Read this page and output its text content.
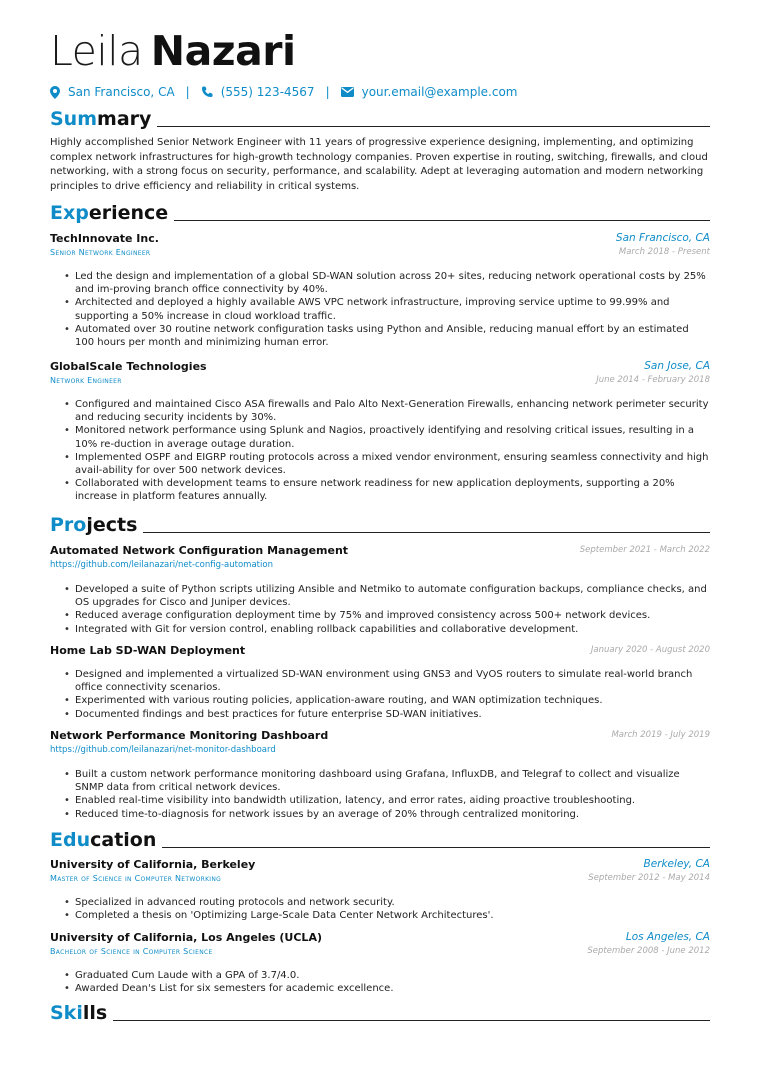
Leila Nazari
San Francisco, CA |	(555) 123-4567 |	your.email@example.com
Summary
Highly accomplished Senior Network Engineer with 11 years of progressive experience designing, implementing, and optimizing complex network infrastructures for high-growth technology companies. Proven expertise in routing, switching, firewalls, and cloud networking, with a strong focus on security, performance, and scalability. Adept at leveraging automation and modern networking principles to drive efficiency and reliability in critical systems.
Experience
TechInnovate Inc.	San Francisco, CA
Senior Network Engineer	March 2018 - Present
• Led the design and implementation of a global SD-WAN solution across 20+ sites, reducing network operational costs by 25% and im-proving branch office connectivity by 40%.
• Architected and deployed a highly available AWS VPC network infrastructure, improving service uptime to 99.99% and supporting a 50% increase in cloud workload traffic.
• Automated over 30 routine network configuration tasks using Python and Ansible, reducing manual effort by an estimated 100 hours per month and minimizing human error.
GlobalScale Technologies	San Jose, CA
Network Engineer	June 2014 - February 2018
• Configured and maintained Cisco ASA firewalls and Palo Alto Next-Generation Firewalls, enhancing network perimeter security and reducing security incidents by 30%.
• Monitored network performance using Splunk and Nagios, proactively identifying and resolving critical issues, resulting in a 10% re-duction in average outage duration.
• Implemented OSPF and EIGRP routing protocols across a mixed vendor environment, ensuring seamless connectivity and high avail-ability for over 500 network devices.
• Collaborated with development teams to ensure network readiness for new application deployments, supporting a 20% increase in platform features annually.
Projects
Automated Network Configuration Management	September 2021 - March 2022
https://github.com/leilanazari/net-config-automation
• Developed a suite of Python scripts utilizing Ansible and Netmiko to automate configuration backups, compliance checks, and OS upgrades for Cisco and Juniper devices.
• Reduced average configuration deployment time by 75% and improved consistency across 500+ network devices.
• Integrated with Git for version control, enabling rollback capabilities and collaborative development.
Home Lab SD-WAN Deployment	January 2020 - August 2020
• Designed and implemented a virtualized SD-WAN environment using GNS3 and VyOS routers to simulate real-world branch office connectivity scenarios.
• Experimented with various routing policies, application-aware routing, and WAN optimization techniques.
• Documented findings and best practices for future enterprise SD-WAN initiatives.
Network Performance Monitoring Dashboard	March 2019 - July 2019
https://github.com/leilanazari/net-monitor-dashboard
• Built a custom network performance monitoring dashboard using Grafana, InfluxDB, and Telegraf to collect and visualize SNMP data from critical network devices.
• Enabled real-time visibility into bandwidth utilization, latency, and error rates, aiding proactive troubleshooting.
• Reduced time-to-diagnosis for network issues by an average of 20% through centralized monitoring.
Education
University of California, Berkeley	Berkeley, CA
Master of Science in Computer Networking	September 2012 - May 2014
• Specialized in advanced routing protocols and network security.
• Completed a thesis on 'Optimizing Large-Scale Data Center Network Architectures'.
University of California, Los Angeles (UCLA)	Los Angeles, CA
Bachelor of Science in Computer Science	September 2008 - June 2012
• Graduated Cum Laude with a GPA of 3.7/4.0.
• Awarded Dean's List for six semesters for academic excellence.
Skills
